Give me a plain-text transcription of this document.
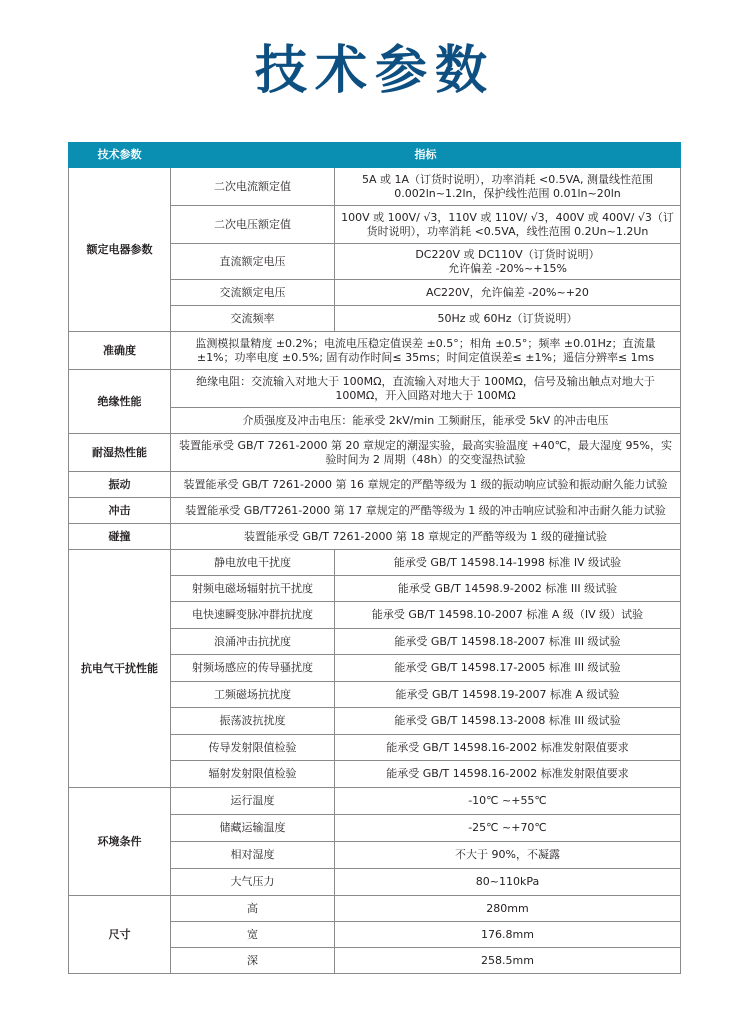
技术参数
技术参数	指标	
额定电器参数	二次电流额定值	5A 或 1A（订货时说明），功率消耗 <0.5VA, 测量线性范围 0.002ln~1.2ln，保护线性范围 0.01ln~20ln
	二次电压额定值	100V 或 100V/ √3，110V 或 110V/ √3，400V 或 400V/ √3（订货时说明），功率消耗 <0.5VA，线性范围 0.2Un~1.2Un
	直流额定电压	DC220V 或 DC110V（订货时说明）
允许偏差 -20%~+15%
	交流额定电压	AC220V，允许偏差 -20%~+20
	交流频率	50Hz 或 60Hz（订货说明）
准确度	监测模拟量精度 ±0.2%；电流电压稳定值误差 ±0.5°；相角 ±0.5°；频率 ±0.01Hz；直流量 ±1%；功率电度 ±0.5%; 固有动作时间≤ 35ms；时间定值误差≤ ±1%；遥信分辨率≤ 1ms	
绝缘性能	绝缘电阻：交流输入对地大于 100MΩ，直流输入对地大于 100MΩ，信号及输出触点对地大于 100MΩ，开入回路对地大于 100MΩ	
	介质强度及冲击电压：能承受 2kV/min 工频耐压，能承受 5kV 的冲击电压	
耐湿热性能	装置能承受 GB/T 7261-2000 第 20 章规定的潮湿实验，最高实验温度 +40℃，最大湿度 95%，实验时间为 2 周期（48h）的交变湿热试验	
振动	装置能承受 GB/T 7261-2000 第 16 章规定的严酷等级为 1 级的振动响应试验和振动耐久能力试验	
冲击	装置能承受 GB/T7261-2000 第 17 章规定的严酷等级为 1 级的冲击响应试验和冲击耐久能力试验	
碰撞	装置能承受 GB/T 7261-2000 第 18 章规定的严酷等级为 1 级的碰撞试验	
抗电气干扰性能	静电放电干扰度	能承受 GB/T 14598.14-1998 标准 IV 级试验
	射频电磁场辐射抗干扰度	能承受 GB/T 14598.9-2002 标准 III 级试验
	电快速瞬变脉冲群抗扰度	能承受 GB/T 14598.10-2007 标准 A 级（IV 级）试验
	浪涌冲击抗扰度	能承受 GB/T 14598.18-2007 标准 III 级试验
	射频场感应的传导骚扰度	能承受 GB/T 14598.17-2005 标准 III 级试验
	工频磁场抗扰度	能承受 GB/T 14598.19-2007 标准 A 级试验
	振荡波抗扰度	能承受 GB/T 14598.13-2008 标准 III 级试验
	传导发射限值检验	能承受 GB/T 14598.16-2002 标准发射限值要求
	辐射发射限值检验	能承受 GB/T 14598.16-2002 标准发射限值要求
环境条件	运行温度	-10℃ ~+55℃
	储藏运输温度	-25℃ ~+70℃
	相对湿度	不大于 90%，不凝露
	大气压力	80~110kPa
尺寸	高	280mm
	宽	176.8mm
	深	258.5mm
